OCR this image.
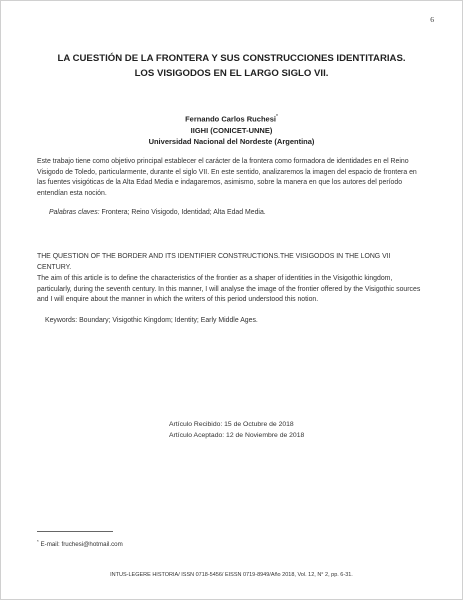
6
LA CUESTIÓN DE LA FRONTERA Y SUS CONSTRUCCIONES IDENTITARIAS.
LOS VISIGODOS EN EL LARGO SIGLO VII.
Fernando Carlos Ruchesi*
IIGHI (CONICET-UNNE)
Universidad Nacional del Nordeste (Argentina)
Este trabajo tiene como objetivo principal establecer el carácter de la frontera como formadora de identidades en el Reino Visigodo de Toledo, particularmente, durante el siglo VII. En este sentido, analizaremos la imagen del espacio de frontera en las fuentes visigóticas de la Alta Edad Media e indagaremos, asimismo, sobre la manera en que los autores del período entendían esta noción.
Palabras claves: Frontera; Reino Visigodo, Identidad; Alta Edad Media.
THE QUESTION OF THE BORDER AND ITS IDENTIFIER CONSTRUCTIONS.THE VISIGODOS IN THE LONG VII CENTURY.
The aim of this article is to define the characteristics of the frontier as a shaper of identities in the Visigothic kingdom, particularly, during the seventh century. In this manner, I will analyse the image of the frontier offered by the Visigothic sources and I will enquire about the manner in which the writers of this period understood this notion.
Keywords: Boundary; Visigothic Kingdom; Identity; Early Middle Ages.
Artículo Recibido: 15 de Octubre de 2018
Artículo Aceptado: 12 de Noviembre de 2018
* E-mail: fruchesi@hotmail.com
INTUS-LEGERE HISTORIA/ ISSN 0718-5456/ EISSN 0719-8949/Año 2018, Vol. 12, N° 2, pp. 6-31.
